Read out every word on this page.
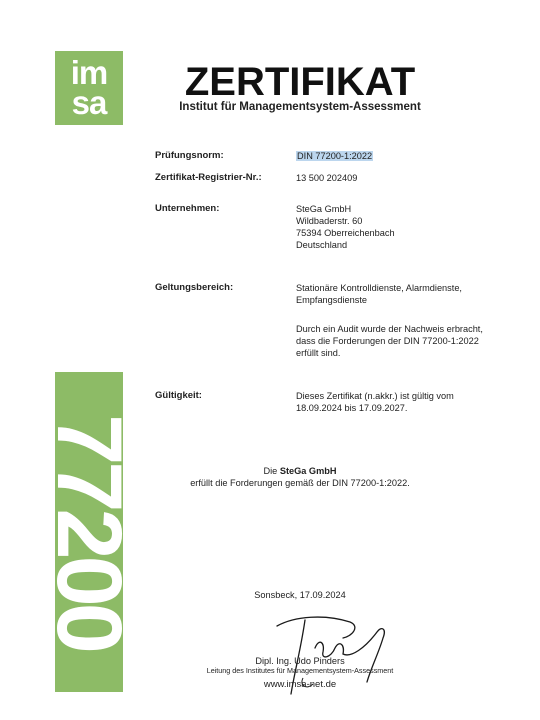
im
sa
77200
ZERTIFIKAT
Institut für Managementsystem-Assessment
Prüfungsnorm:	DIN 77200-1:2022
Zertifikat-Registrier-Nr.:	13 500 202409
Unternehmen:	SteGa GmbH
Wildbaderstr. 60
75394 Oberreichenbach
Deutschland
Geltungsbereich:	Stationäre Kontrolldienste, Alarmdienste,
Empfangsdienste
Durch ein Audit wurde der Nachweis erbracht,
dass die Forderungen der DIN 77200-1:2022
erfüllt sind.
Gültigkeit:	Dieses Zertifikat (n.akkr.) ist gültig vom
18.09.2024 bis 17.09.2027.
Die SteGa GmbH
erfüllt die Forderungen gemäß der DIN 77200-1:2022.
Sonsbeck, 17.09.2024
Dipl. Ing. Udo Pinders
Leitung des Institutes für Managementsystem-Assessment
www.imsa-net.de
